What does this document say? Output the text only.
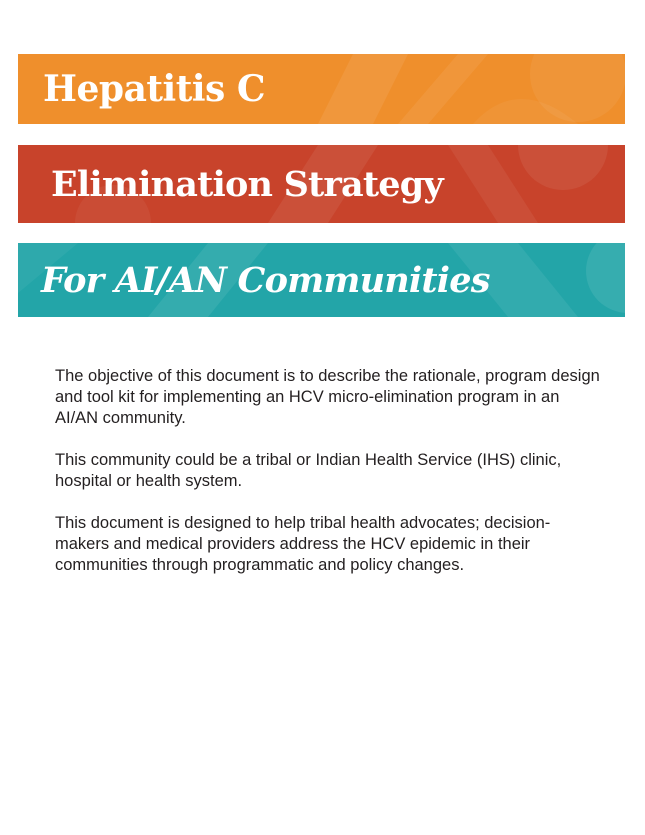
Hepatitis C
Elimination Strategy
For AI/AN Communities

The objective of this document is to describe the rationale, program design and tool kit for implementing an HCV micro-elimination program in an AI/AN community.

This community could be a tribal or Indian Health Service (IHS) clinic, hospital or health system.

This document is designed to help tribal health advocates; decision-makers and medical providers address the HCV epidemic in their communities through programmatic and policy changes.
